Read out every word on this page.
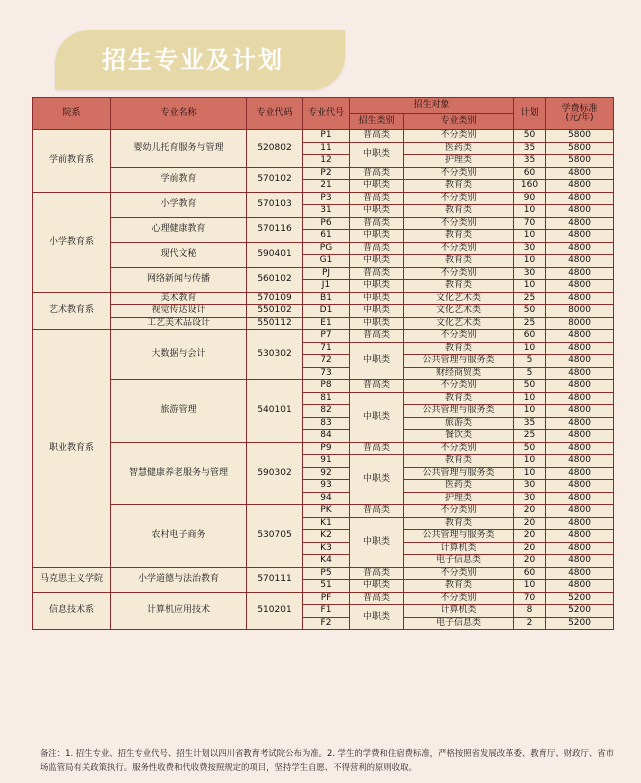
招生专业及计划
院系	专业名称	专业代码	专业代号	招生对象		计划	学费标准
(元/年)
				招生类别	专业类别		
学前教育系	婴幼儿托育服务与管理	520802	P1	普高类	不分类别	50	5800
			11	中职类	医药类	35	5800
			12		护理类	35	5800
	学前教育	570102	P2	普高类	不分类别	60	4800
			21	中职类	教育类	160	4800
小学教育系	小学教育	570103	P3	普高类	不分类别	90	4800
			31	中职类	教育类	10	4800
	心理健康教育	570116	P6	普高类	不分类别	70	4800
			61	中职类	教育类	10	4800
	现代文秘	590401	PG	普高类	不分类别	30	4800
			G1	中职类	教育类	10	4800
	网络新闻与传播	560102	PJ	普高类	不分类别	30	4800
			J1	中职类	教育类	10	4800
艺术教育系	美术教育	570109	B1	中职类	文化艺术类	25	4800
	视觉传达设计	550102	D1	中职类	文化艺术类	50	8000
	工艺美术品设计	550112	E1	中职类	文化艺术类	25	8000
职业教育系	大数据与会计	530302	P7	普高类	不分类别	60	4800
			71	中职类	教育类	10	4800
			72		公共管理与服务类	5	4800
			73		财经商贸类	5	4800
	旅游管理	540101	P8	普高类	不分类别	50	4800
			81	中职类	教育类	10	4800
			82		公共管理与服务类	10	4800
			83		旅游类	35	4800
			84		餐饮类	25	4800
	智慧健康养老服务与管理	590302	P9	普高类	不分类别	50	4800
			91	中职类	教育类	10	4800
			92		公共管理与服务类	10	4800
			93		医药类	30	4800
			94		护理类	30	4800
	农村电子商务	530705	PK	普高类	不分类别	20	4800
			K1	中职类	教育类	20	4800
			K2		公共管理与服务类	20	4800
			K3		计算机类	20	4800
			K4		电子信息类	20	4800
马克思主义学院	小学道德与法治教育	570111	P5	普高类	不分类别	60	4800
			51	中职类	教育类	10	4800
信息技术系	计算机应用技术	510201	PF	普高类	不分类别	70	5200
			F1	中职类	计算机类	8	5200
			F2		电子信息类	2	5200
备注：1. 招生专业、招生专业代号、招生计划以四川省教育考试院公布为准。2. 学生的学费和住宿费标准，严格按照省发展改革委、教育厅、财政厅、省市场监管局有关政策执行。服务性收费和代收费按照规定的项目，坚持学生自愿、不得营利的原则收取。
